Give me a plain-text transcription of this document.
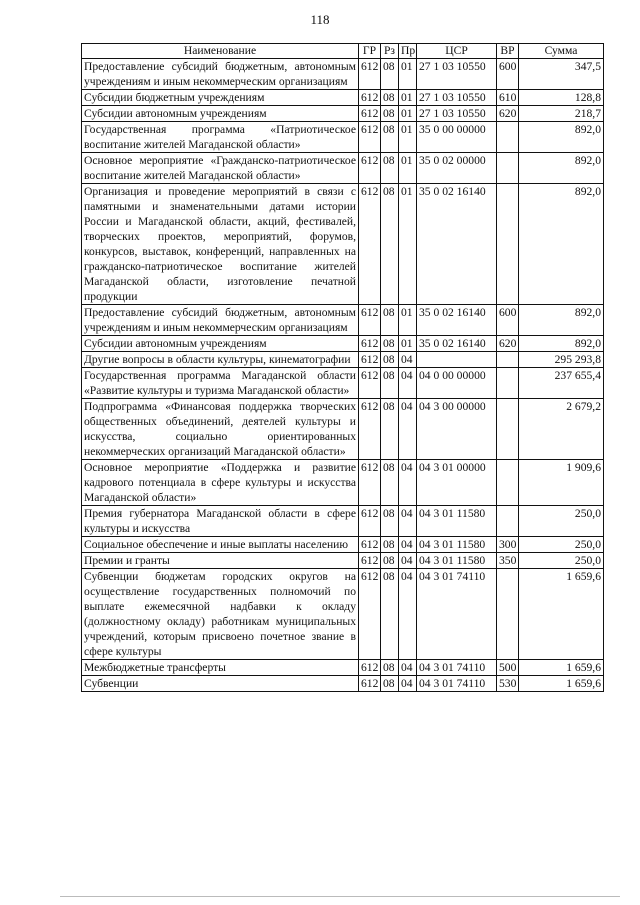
118
Наименование	ГР	Рз	Пр	ЦСР	ВР	Сумма
Предоставление субсидий бюджетным, автономным учреждениям и иным некоммерческим организациям	612	08	01	27 1 03 10550	600	347,5
Субсидии бюджетным учреждениям	612	08	01	27 1 03 10550	610	128,8
Субсидии автономным учреждениям	612	08	01	27 1 03 10550	620	218,7
Государственная программа «Патриотическое воспитание жителей Магаданской области»	612	08	01	35 0 00 00000		892,0
Основное мероприятие «Гражданско-патриотическое воспитание жителей Магаданской области»	612	08	01	35 0 02 00000		892,0
Организация и проведение мероприятий в связи с памятными и знаменательными датами истории России и Магаданской области, акций, фестивалей, творческих проектов, мероприятий, форумов, конкурсов, выставок, конференций, направленных на гражданско-патриотическое воспитание жителей Магаданской области, изготовление печатной продукции	612	08	01	35 0 02 16140		892,0
Предоставление субсидий бюджетным, автономным учреждениям и иным некоммерческим организациям	612	08	01	35 0 02 16140	600	892,0
Субсидии автономным учреждениям	612	08	01	35 0 02 16140	620	892,0
Другие вопросы в области культуры, кинематографии	612	08	04			295 293,8
Государственная программа Магаданской области «Развитие культуры и туризма Магаданской области»	612	08	04	04 0 00 00000		237 655,4
Подпрограмма «Финансовая поддержка творческих общественных объединений, деятелей культуры и искусства, социально ориентированных некоммерческих организаций Магаданской области»	612	08	04	04 3 00 00000		2 679,2
Основное мероприятие «Поддержка и развитие кадрового потенциала в сфере культуры и искусства Магаданской области»	612	08	04	04 3 01 00000		1 909,6
Премия губернатора Магаданской области в сфере культуры и искусства	612	08	04	04 3 01 11580		250,0
Социальное обеспечение и иные выплаты населению	612	08	04	04 3 01 11580	300	250,0
Премии и гранты	612	08	04	04 3 01 11580	350	250,0
Субвенции бюджетам городских округов на осуществление государственных полномочий по выплате ежемесячной надбавки к окладу (должностному окладу) работникам муниципальных учреждений, которым присвоено почетное звание в сфере культуры	612	08	04	04 3 01 74110		1 659,6
Межбюджетные трансферты	612	08	04	04 3 01 74110	500	1 659,6
Субвенции	612	08	04	04 3 01 74110	530	1 659,6
